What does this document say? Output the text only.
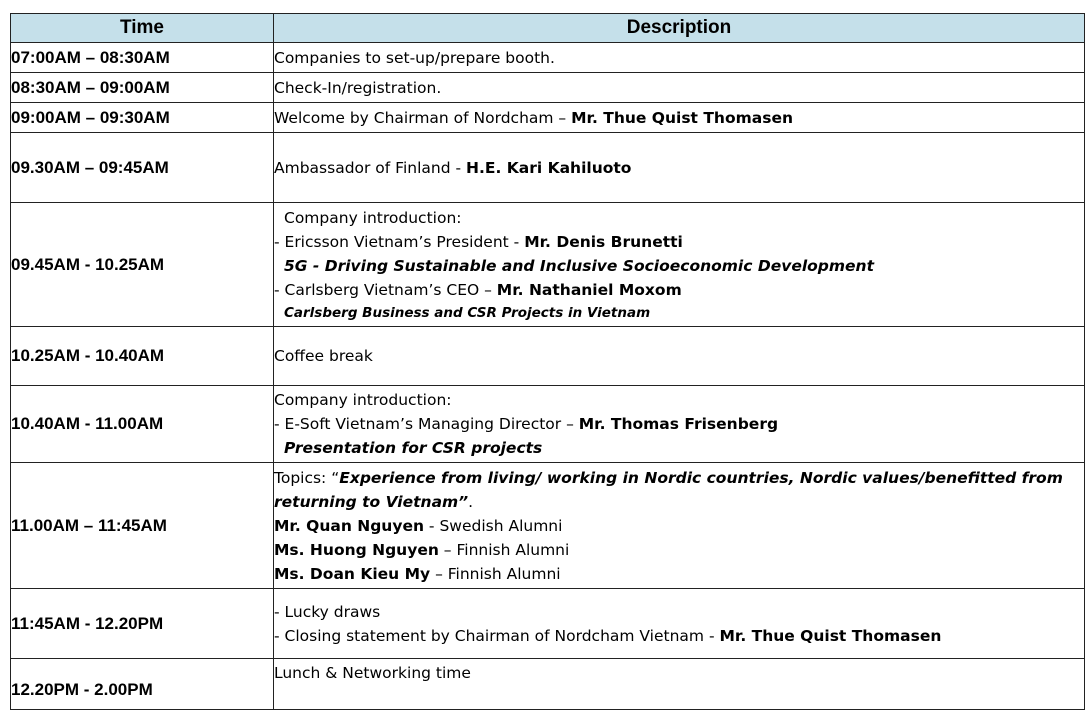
Time	Description
07:00AM – 08:30AM	Companies to set-up/prepare booth.
08:30AM – 09:00AM	Check-In/registration.
09:00AM – 09:30AM	Welcome by Chairman of Nordcham – Mr. Thue Quist Thomasen
09.30AM – 09:45AM	Ambassador of Finland - H.E. Kari Kahiluoto
09.45AM - 10.25AM	Company introduction:
- Ericsson Vietnam’s President - Mr. Denis Brunetti
5G - Driving Sustainable and Inclusive Socioeconomic Development
- Carlsberg Vietnam’s CEO – Mr. Nathaniel Moxom
Carlsberg Business and CSR Projects in Vietnam

10.25AM - 10.40AM	Coffee break
10.40AM - 11.00AM	Company introduction:
- E-Soft Vietnam’s Managing Director – Mr. Thomas Frisenberg
Presentation for CSR projects

11.00AM – 11:45AM	Topics: “Experience from living/ working in Nordic countries, Nordic values/benefitted from
returning to Vietnam”.
Mr. Quan Nguyen - Swedish Alumni
Ms. Huong Nguyen – Finnish Alumni
Ms. Doan Kieu My – Finnish Alumni

11:45AM - 12.20PM	- Lucky draws
- Closing statement by Chairman of Nordcham Vietnam - Mr. Thue Quist Thomasen

12.20PM - 2.00PM	Lunch & Networking time
